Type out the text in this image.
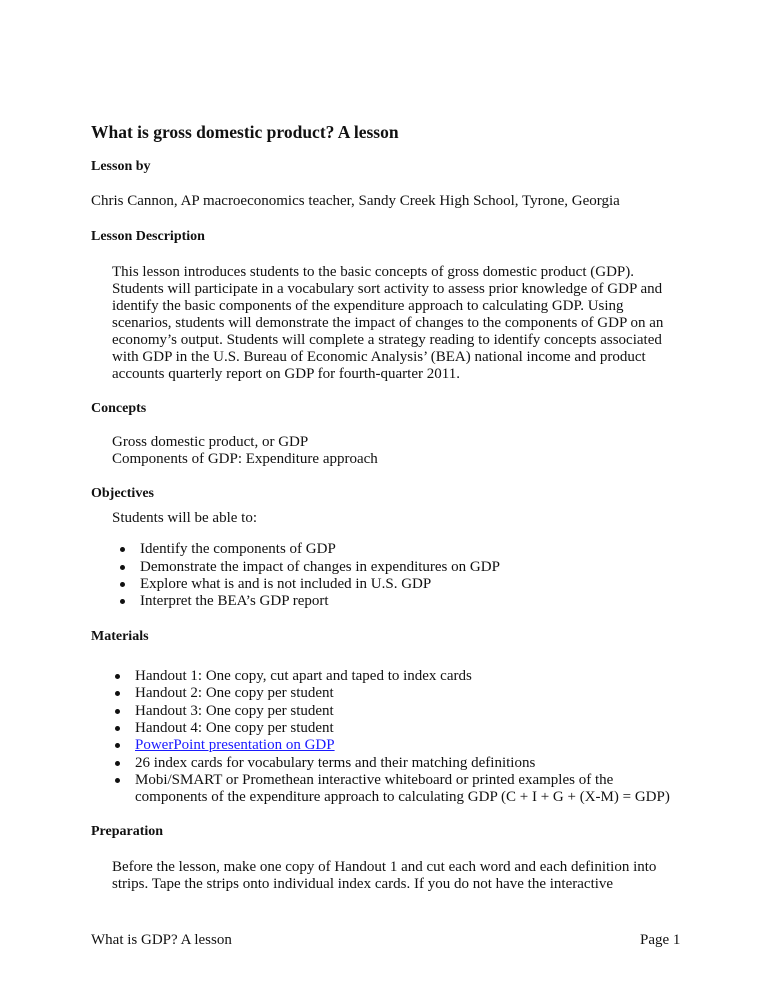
What is gross domestic product? A lesson
Lesson by
Chris Cannon, AP macroeconomics teacher, Sandy Creek High School, Tyrone, Georgia
Lesson Description
This lesson introduces students to the basic concepts of gross domestic product (GDP).
Students will participate in a vocabulary sort activity to assess prior knowledge of GDP and
identify the basic components of the expenditure approach to calculating GDP. Using
scenarios, students will demonstrate the impact of changes to the components of GDP on an
economy’s output. Students will complete a strategy reading to identify concepts associated
with GDP in the U.S. Bureau of Economic Analysis’ (BEA) national income and product
accounts quarterly report on GDP for fourth-quarter 2011.
Concepts
Gross domestic product, or GDP
Components of GDP: Expenditure approach
Objectives
Students will be able to:
Identify the components of GDP
Demonstrate the impact of changes in expenditures on GDP
Explore what is and is not included in U.S. GDP
Interpret the BEA’s GDP report
Materials
Handout 1: One copy, cut apart and taped to index cards
Handout 2: One copy per student
Handout 3: One copy per student
Handout 4: One copy per student
PowerPoint presentation on GDP
26 index cards for vocabulary terms and their matching definitions
Mobi/SMART or Promethean interactive whiteboard or printed examples of the
components of the expenditure approach to calculating GDP (C + I + G + (X-M) = GDP)
Preparation
Before the lesson, make one copy of Handout 1 and cut each word and each definition into
strips. Tape the strips onto individual index cards. If you do not have the interactive
What is GDP? A lesson	Page 1
